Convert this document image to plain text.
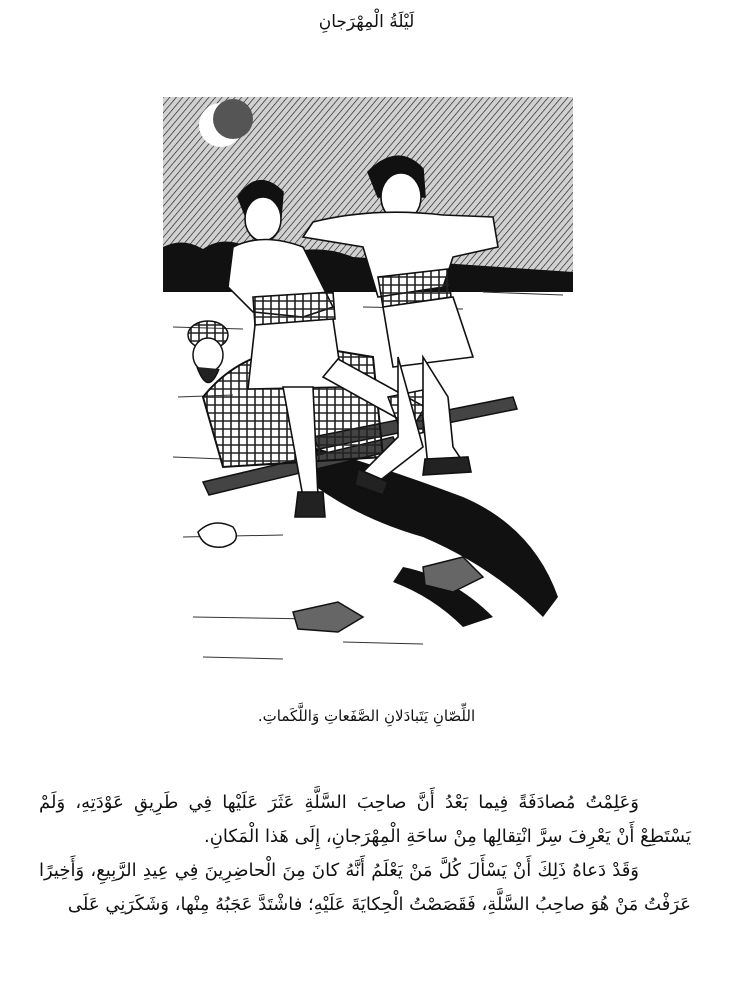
لَيْلَةُ الْمِهْرَجانِ
اللِّصّانِ يَتَبادَلانِ الصَّفَعاتِ وَاللَّكَماتِ.

وَعَلِمْتُ مُصادَفَةً فِيما بَعْدُ أَنَّ صاحِبَ السَّلَّةِ عَثَرَ عَلَيْها فِي طَرِيقِ عَوْدَتِهِ، وَلَمْ يَسْتَطِعْ أَنْ يَعْرِفَ سِرَّ انْتِقالِها مِنْ ساحَةِ الْمِهْرَجانِ، إِلَى هَذا الْمَكانِ.

وَقَدْ دَعاهُ ذَلِكَ أَنْ يَسْأَلَ كُلَّ مَنْ يَعْلَمُ أَنَّهُ كانَ مِنَ الْحاضِرِينَ فِي عِيدِ الرَّبِيعِ، وَأَخِيرًا عَرَفْتُ مَنْ هُوَ صاحِبُ السَّلَّةِ، فَقَصَصْتُ الْحِكايَةَ عَلَيْهِ؛ فاشْتَدَّ عَجَبُهُ مِنْها، وَشَكَرَنِي عَلَى
